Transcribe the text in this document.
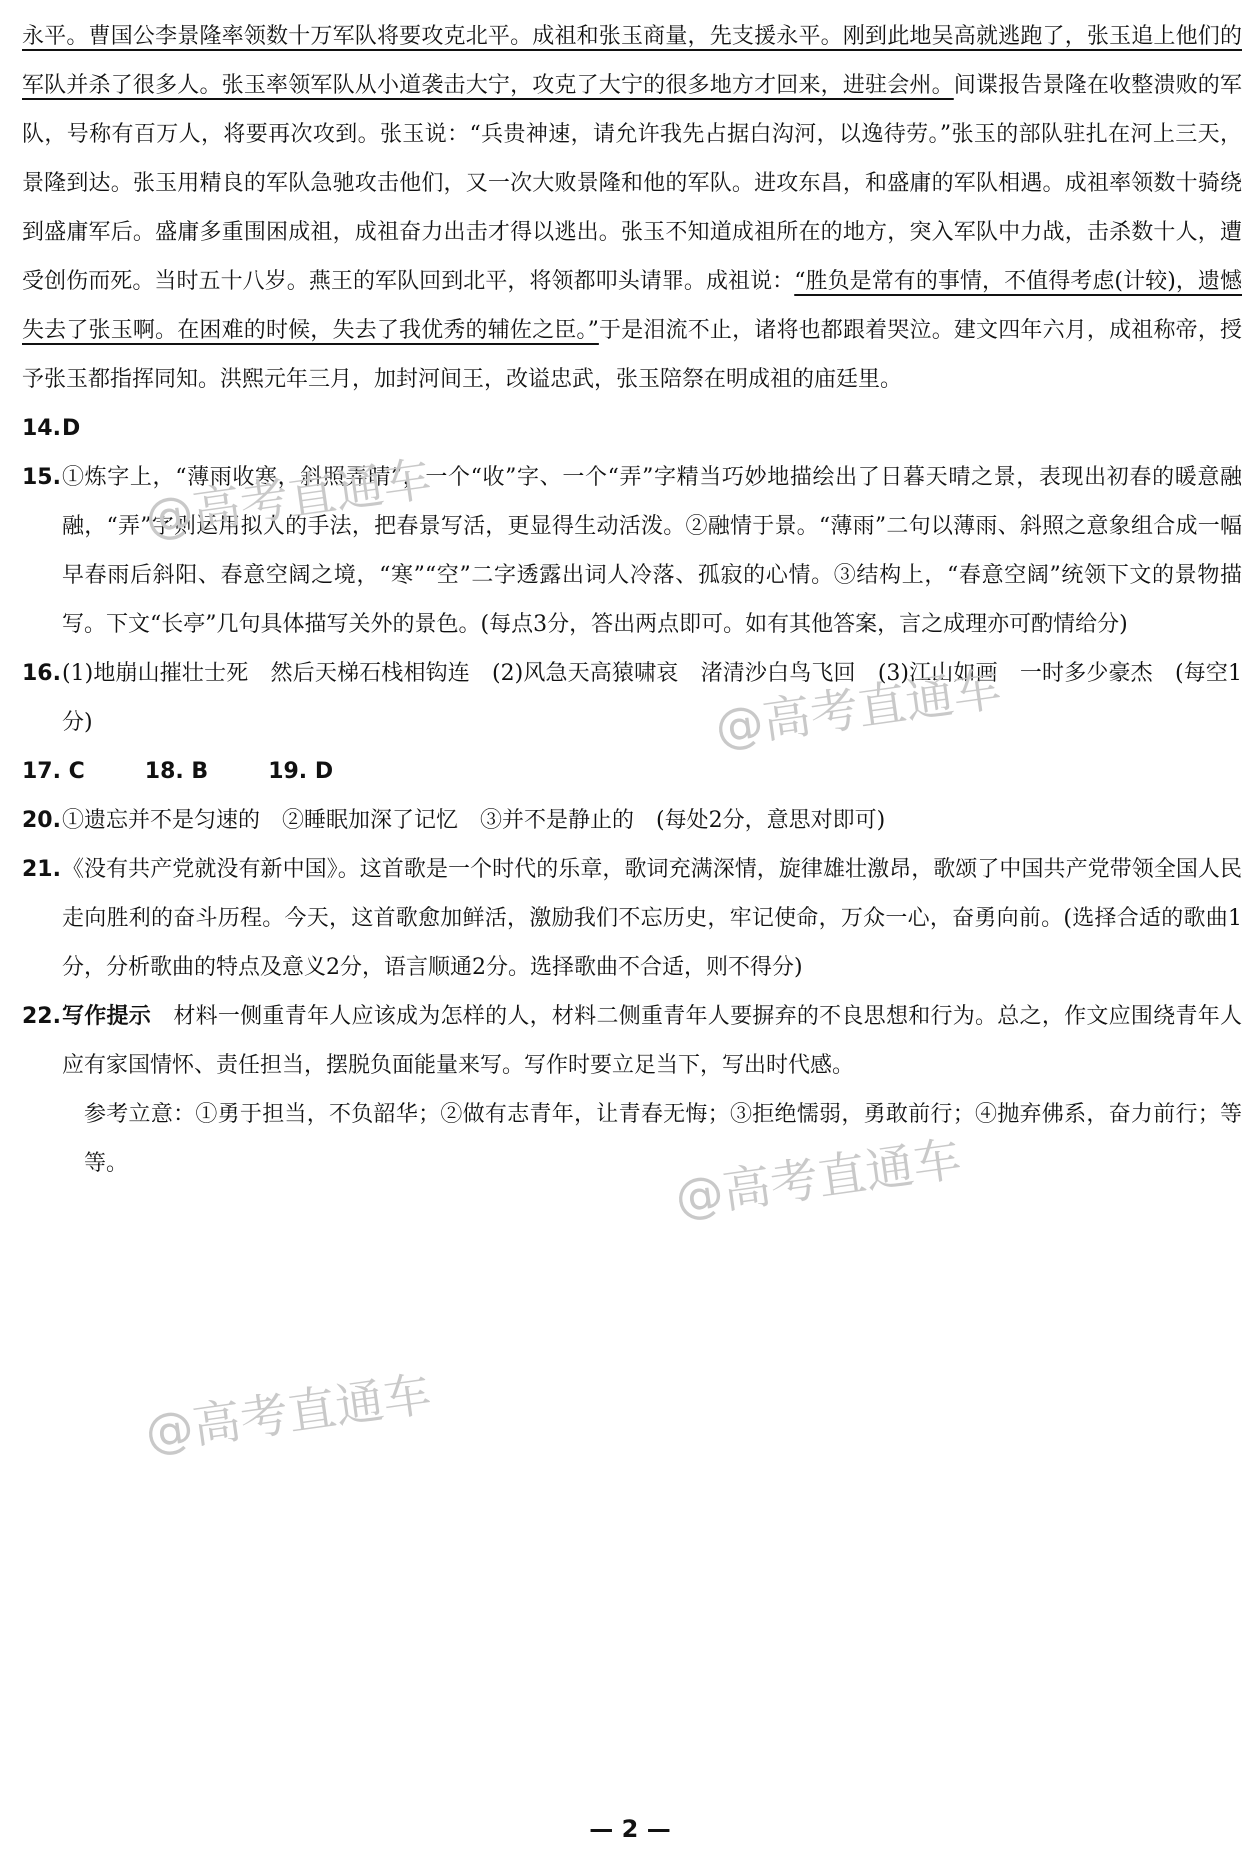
永平。曹国公李景隆率领数十万军队将要攻克北平。成祖和张玉商量，先支援永平。刚到此地吴高就逃跑了，张玉追上他们的军队并杀了很多人。张玉率领军队从小道袭击大宁，攻克了大宁的很多地方才回来，进驻会州。间谍报告景隆在收整溃败的军队，号称有百万人，将要再次攻到。张玉说：“兵贵神速，请允许我先占据白沟河，以逸待劳。”张玉的部队驻扎在河上三天，景隆到达。张玉用精良的军队急驰攻击他们，又一次大败景隆和他的军队。进攻东昌，和盛庸的军队相遇。成祖率领数十骑绕到盛庸军后。盛庸多重围困成祖，成祖奋力出击才得以逃出。张玉不知道成祖所在的地方，突入军队中力战，击杀数十人，遭受创伤而死。当时五十八岁。燕王的军队回到北平，将领都叩头请罪。成祖说：“胜负是常有的事情，不值得考虑(计较)，遗憾失去了张玉啊。在困难的时候，失去了我优秀的辅佐之臣。”于是泪流不止，诸将也都跟着哭泣。建文四年六月，成祖称帝，授予张玉都指挥同知。洪熙元年三月，加封河间王，改谥忠武，张玉陪祭在明成祖的庙廷里。

14. D

15. ①炼字上，“薄雨收寒，斜照弄晴”，一个“收”字、一个“弄”字精当巧妙地描绘出了日暮天晴之景，表现出初春的暖意融融，“弄”字则运用拟人的手法，把春景写活，更显得生动活泼。②融情于景。“薄雨”二句以薄雨、斜照之意象组合成一幅早春雨后斜阳、春意空阔之境，“寒”“空”二字透露出词人冷落、孤寂的心情。③结构上，“春意空阔”统领下文的景物描写。下文“长亭”几句具体描写关外的景色。(每点3分，答出两点即可。如有其他答案，言之成理亦可酌情给分)

16. (1)地崩山摧壮士死　然后天梯石栈相钩连　(2)风急天高猿啸哀　渚清沙白鸟飞回　(3)江山如画　一时多少豪杰　(每空1分)

17. C	18. B	19. D

20. ①遗忘并不是匀速的　②睡眠加深了记忆　③并不是静止的　(每处2分，意思对即可)

21. 《没有共产党就没有新中国》。这首歌是一个时代的乐章，歌词充满深情，旋律雄壮激昂，歌颂了中国共产党带领全国人民走向胜利的奋斗历程。今天，这首歌愈加鲜活，激励我们不忘历史，牢记使命，万众一心，奋勇向前。(选择合适的歌曲1分，分析歌曲的特点及意义2分，语言顺通2分。选择歌曲不合适，则不得分)

22. 写作提示　材料一侧重青年人应该成为怎样的人，材料二侧重青年人要摒弃的不良思想和行为。总之，作文应围绕青年人应有家国情怀、责任担当，摆脱负面能量来写。写作时要立足当下，写出时代感。

参考立意：①勇于担当，不负韶华；②做有志青年，让青春无悔；③拒绝懦弱，勇敢前行；④抛弃佛系，奋力前行；等等。

@高考直通车
@高考直通车
@高考直通车
@高考直通车
— 2 —
